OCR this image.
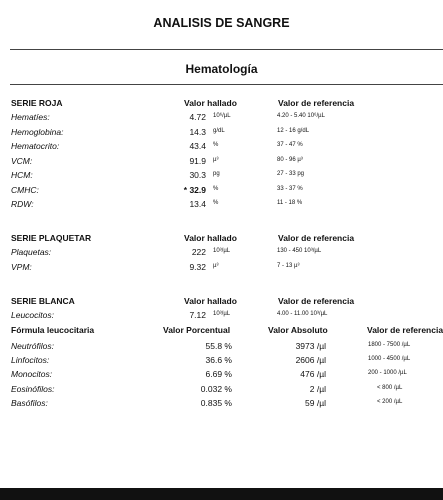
ANALISIS DE SANGRE
Hematología
SERIE ROJA	Valor hallado	Valor de referencia
Hematíes:	4.72 10⁶/µL	4.20 - 5.40 10⁶/µL
Hemoglobina:	14.3 g/dL	12 - 16 g/dL
Hematocrito:	43.4 %	37 - 47 %
VCM:	91.9 µ³	80 - 96 µ³
HCM:	30.3 pg	27 - 33 pg
CMHC:	* 32.9 %	33 - 37 %
RDW:	13.4 %	11 - 18 %
SERIE PLAQUETAR	Valor hallado	Valor de referencia
Plaquetas:	222 10³/µL	130 - 450 10³/µL
VPM:	9.32 µ³	7 - 13 µ³
SERIE BLANCA	Valor hallado	Valor de referencia
Leucocitos:	7.12 10³/µL	4.00 - 11.00 10³/µL
Fórmula leucocitaria	Valor Porcentual	Valor Absoluto	Valor de referencia
Neutrófilos:	55.8 %	3973 /µl	1800 - 7500 /µL
Linfocitos:	36.6 %	2606 /µl	1000 - 4500 /µL
Monocitos:	6.69 %	476 /µl	200 - 1000 /µL
Eosinófilos:	0.032 %	2 /µl	< 800 /µL
Basófilos:	0.835 %	59 /µl	< 200 /µL
